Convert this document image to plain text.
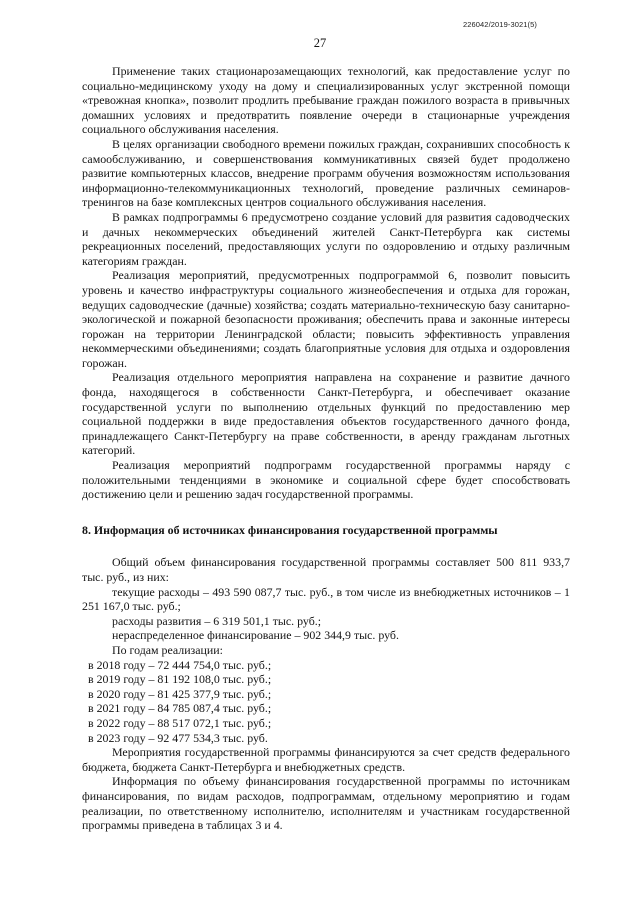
226042/2019-3021(5)
27

Применение таких стационарозамещающих технологий, как предоставление услуг по социально-медицинскому уходу на дому и специализированных услуг экстренной помощи «тревожная кнопка», позволит продлить пребывание граждан пожилого возраста в привычных домашних условиях и предотвратить появление очереди в стационарные учреждения социального обслуживания населения.

В целях организации свободного времени пожилых граждан, сохранивших способность к самообслуживанию, и совершенствования коммуникативных связей будет продолжено развитие компьютерных классов, внедрение программ обучения возможностям использования информационно-телекоммуникационных технологий, проведение различных семинаров-тренингов на базе комплексных центров социального обслуживания населения.

В рамках подпрограммы 6 предусмотрено создание условий для развития садоводческих и дачных некоммерческих объединений жителей Санкт-Петербурга как системы рекреационных поселений, предоставляющих услуги по оздоровлению и отдыху различным категориям граждан.

Реализация мероприятий, предусмотренных подпрограммой 6, позволит повысить уровень и качество инфраструктуры социального жизнеобеспечения и отдыха для горожан, ведущих садоводческие (дачные) хозяйства; создать материально-техническую базу санитарно-экологической и пожарной безопасности проживания; обеспечить права и законные интересы горожан на территории Ленинградской области; повысить эффективность управления некоммерческими объединениями; создать благоприятные условия для отдыха и оздоровления горожан.

Реализация отдельного мероприятия направлена на сохранение и развитие дачного фонда, находящегося в собственности Санкт-Петербурга, и обеспечивает оказание государственной услуги по выполнению отдельных функций по предоставлению мер социальной поддержки в виде предоставления объектов государственного дачного фонда, принадлежащего Санкт-Петербургу на праве собственности, в аренду гражданам льготных категорий.

Реализация мероприятий подпрограмм государственной программы наряду с положительными тенденциями в экономике и социальной сфере будет способствовать достижению цели и решению задач государственной программы.

8. Информация об источниках финансирования государственной программы

Общий объем финансирования государственной программы составляет 500 811 933,7 тыс. руб., из них:

текущие расходы – 493 590 087,7 тыс. руб., в том числе из внебюджетных источников – 1 251 167,0 тыс. руб.;

расходы развития – 6 319 501,1 тыс. руб.;

нераспределенное финансирование – 902 344,9 тыс. руб.

По годам реализации:

в 2018 году – 72 444 754,0 тыс. руб.;
в 2019 году – 81 192 108,0 тыс. руб.;
в 2020 году – 81 425 377,9 тыс. руб.;
в 2021 году – 84 785 087,4 тыс. руб.;
в 2022 году – 88 517 072,1 тыс. руб.;
в 2023 году – 92 477 534,3 тыс. руб.

Мероприятия государственной программы финансируются за счет средств федерального бюджета, бюджета Санкт-Петербурга и внебюджетных средств.

Информация по объему финансирования государственной программы по источникам финансирования, по видам расходов, подпрограммам, отдельному мероприятию и годам реализации, по ответственному исполнителю, исполнителям и участникам государственной программы приведена в таблицах 3 и 4.
